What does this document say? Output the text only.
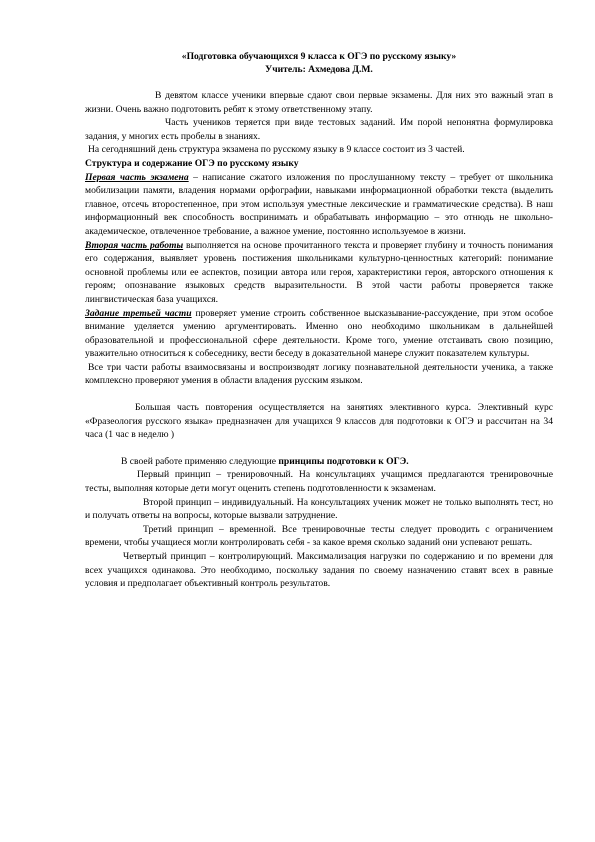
«Подготовка обучающихся 9 класса к ОГЭ по русскому языку»

Учитель: Ахмедова Д.М.

В девятом классе ученики впервые сдают свои первые экзамены. Для них это важный этап в жизни. Очень важно подготовить ребят к этому ответственному этапу.

Часть учеников теряется при виде тестовых заданий. Им порой непонятна формулировка задания, у многих есть пробелы в знаниях.

На сегодняшний день структура экзамена по русскому языку в 9 классе состоит из 3 частей.

Структура и содержание ОГЭ по русскому языку

Первая часть экзамена – написание сжатого изложения по прослушанному тексту – требует от школьника мобилизации памяти, владения нормами орфографии, навыками информационной обработки текста (выделить главное, отсечь второстепенное, при этом используя уместные лексические и грамматические средства). В наш информационный век способность воспринимать и обрабатывать информацию – это отнюдь не школьно-академическое, отвлеченное требование, а важное умение, постоянно используемое в жизни.

Вторая часть работы выполняется на основе прочитанного текста и проверяет глубину и точность понимания его содержания, выявляет уровень постижения школьниками культурно-ценностных категорий: понимание основной проблемы или ее аспектов, позиции автора или героя, характеристики героя, авторского отношения к героям; опознавание языковых средств выразительности. В этой части работы проверяется также лингвистическая база учащихся.

Задание третьей части проверяет умение строить собственное высказывание-рассуждение, при этом особое внимание уделяется умению аргументировать. Именно оно необходимо школьникам в дальнейшей образовательной и профессиональной сфере деятельности. Кроме того, умение отстаивать свою позицию, уважительно относиться к собеседнику, вести беседу в доказательной манере служит показателем культуры.

Все три части работы взаимосвязаны и воспроизводят логику познавательной деятельности ученика, а также комплексно проверяют умения в области владения русским языком.

Большая часть повторения осуществляется на занятиях элективного курса. Элективный курс «Фразеология русского языка» предназначен для учащихся 9 классов для подготовки к ОГЭ и рассчитан на 34 часа (1 час в неделю )

В своей работе применяю следующие принципы подготовки к ОГЭ.

Первый принцип – тренировочный. На консультациях учащимся предлагаются тренировочные тесты, выполняя которые дети могут оценить степень подготовленности к экзаменам.

Второй принцип – индивидуальный. На консультациях ученик может не только выполнять тест, но и получать ответы на вопросы, которые вызвали затруднение.

Третий принцип – временной. Все тренировочные тесты следует проводить с ограничением времени, чтобы учащиеся могли контролировать себя - за какое время сколько заданий они успевают решать.

Четвертый принцип – контролирующий. Максимализация нагрузки по содержанию и по времени для всех учащихся одинакова. Это необходимо, поскольку задания по своему назначению ставят всех в равные условия и предполагает объективный контроль результатов.
